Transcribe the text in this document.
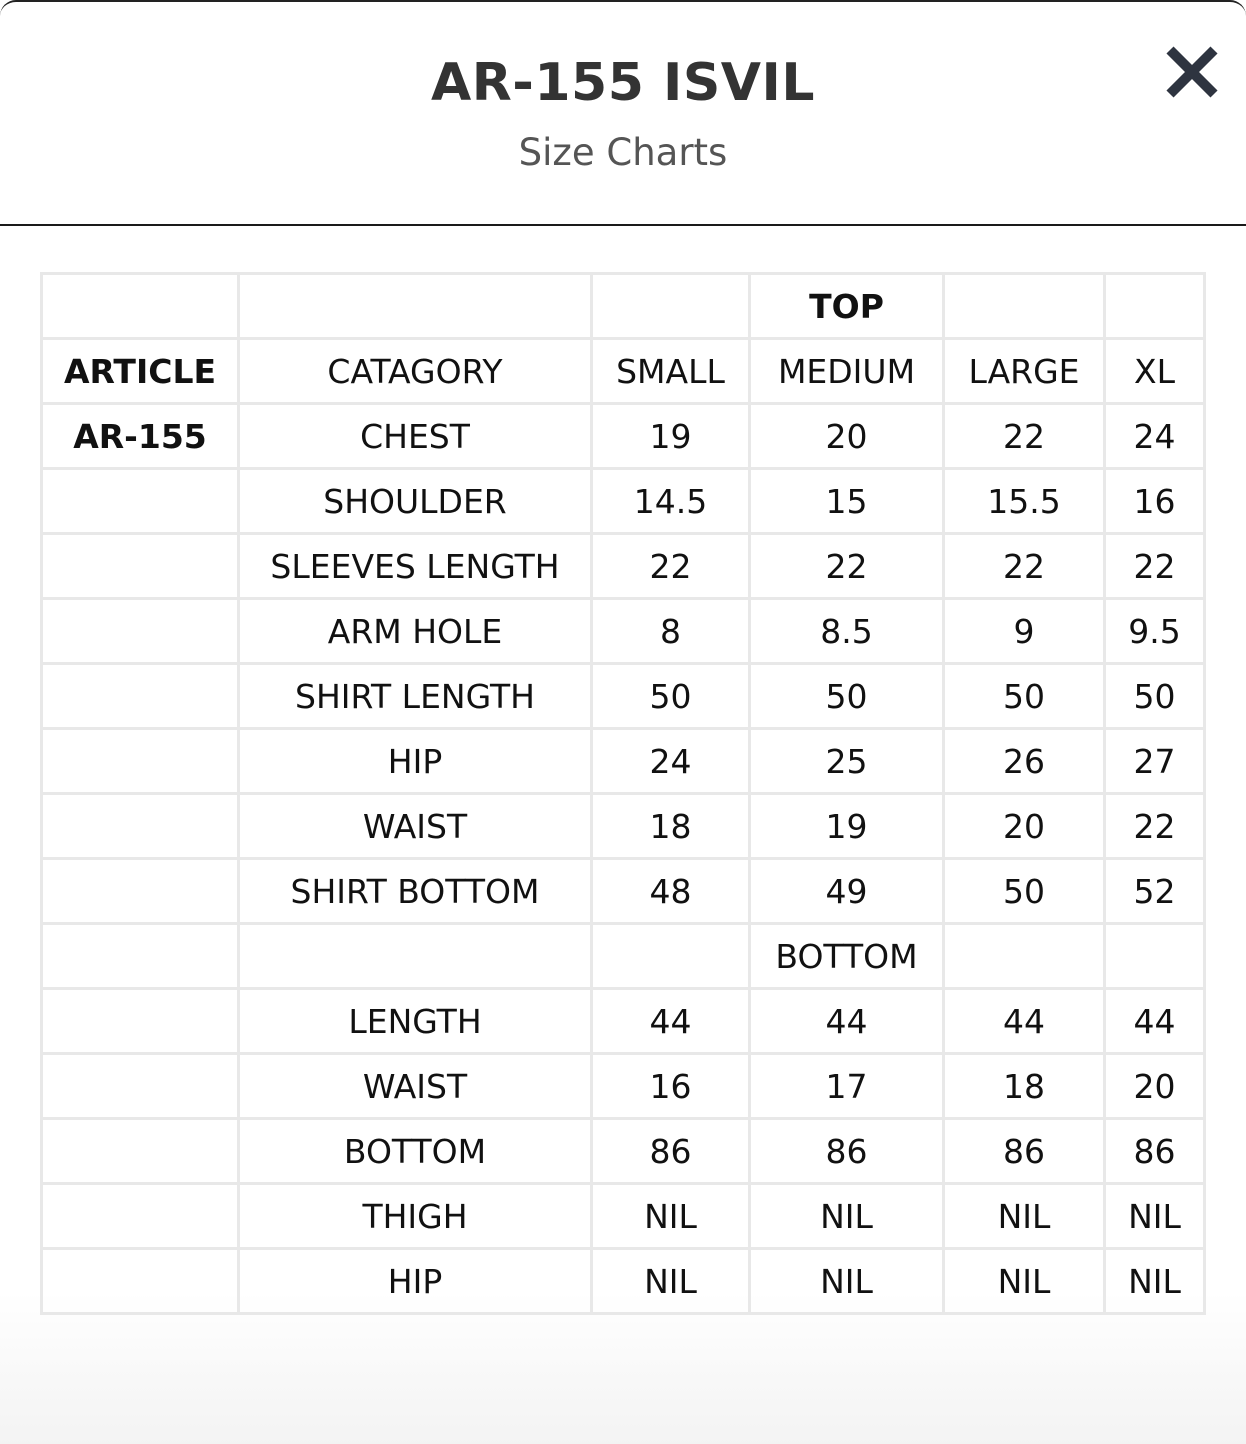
AR-155 ISVIL
Size Charts
			TOP		
ARTICLE	CATAGORY	SMALL	MEDIUM	LARGE	XL
AR-155	CHEST	19	20	22	24
	SHOULDER	14.5	15	15.5	16
	SLEEVES LENGTH	22	22	22	22
	ARM HOLE	8	8.5	9	9.5
	SHIRT LENGTH	50	50	50	50
	HIP	24	25	26	27
	WAIST	18	19	20	22
	SHIRT BOTTOM	48	49	50	52
			BOTTOM		
	LENGTH	44	44	44	44
	WAIST	16	17	18	20
	BOTTOM	86	86	86	86
	THIGH	NIL	NIL	NIL	NIL
	HIP	NIL	NIL	NIL	NIL
